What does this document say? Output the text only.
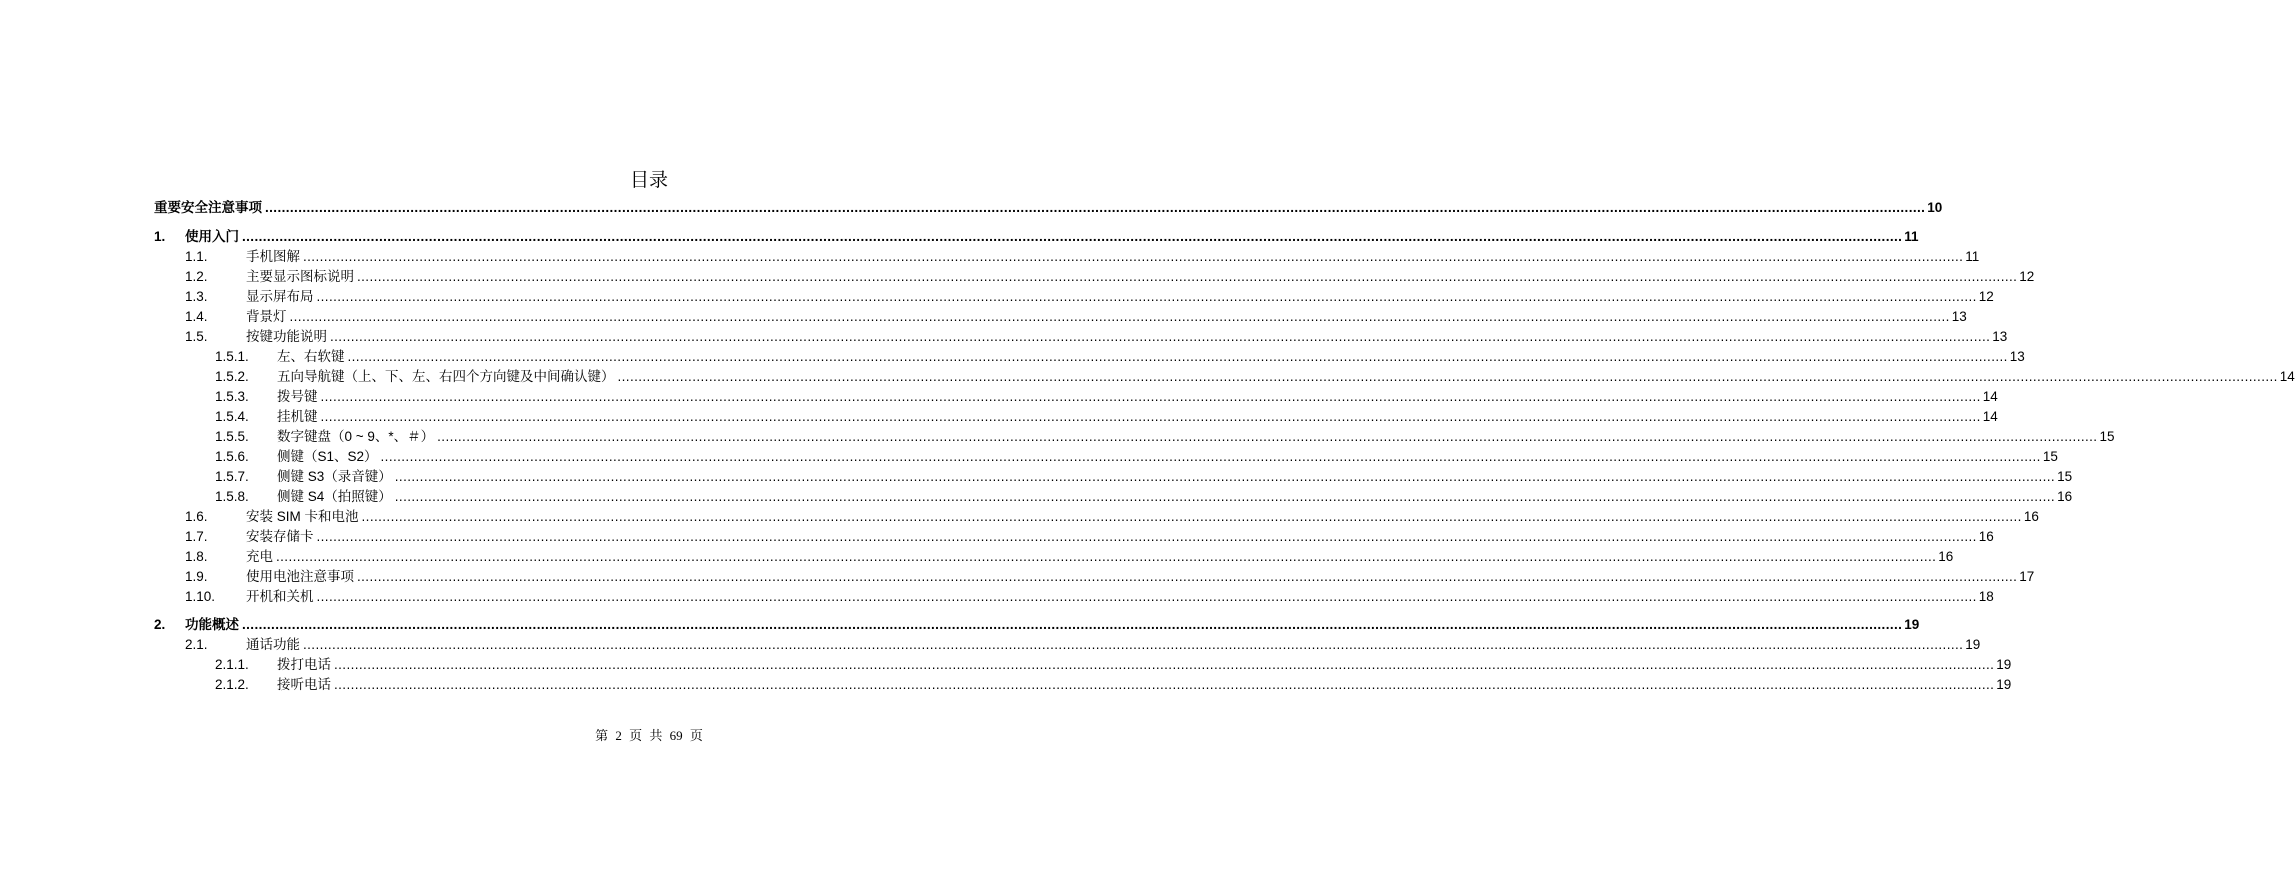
目录
重要安全注意事项 ................................................................................................................................................................................................................................................................................................................................................................................................................ 10
1. 使用入门 ................................................................................................................................................................................................................................................................................................................................................................................................................ 11
1.1.	手机图解 ................................................................................................................................................................................................................................................................................................................................................................................................................ 11
1.2.	主要显示图标说明 ................................................................................................................................................................................................................................................................................................................................................................................................................ 12
1.3.	显示屏布局 ................................................................................................................................................................................................................................................................................................................................................................................................................ 12
1.4.	背景灯 ................................................................................................................................................................................................................................................................................................................................................................................................................ 13
1.5.	按键功能说明 ................................................................................................................................................................................................................................................................................................................................................................................................................ 13
1.5.1. 左、右软键 ................................................................................................................................................................................................................................................................................................................................................................................................................ 13
1.5.2. 五向导航键（上、下、左、右四个方向键及中间确认键） ................................................................................................................................................................................................................................................................................................................................................................................................................ 14
1.5.3. 拨号键 ................................................................................................................................................................................................................................................................................................................................................................................................................ 14
1.5.4. 挂机键 ................................................................................................................................................................................................................................................................................................................................................................................................................ 14
1.5.5. 数字键盘（0 ~ 9、*、＃） ................................................................................................................................................................................................................................................................................................................................................................................................................ 15
1.5.6. 侧键（S1、S2） ................................................................................................................................................................................................................................................................................................................................................................................................................ 15
1.5.7. 侧键 S3（录音键） ................................................................................................................................................................................................................................................................................................................................................................................................................ 15
1.5.8. 侧键 S4（拍照键） ................................................................................................................................................................................................................................................................................................................................................................................................................ 16
1.6.	安装 SIM 卡和电池 ................................................................................................................................................................................................................................................................................................................................................................................................................ 16
1.7.	安装存储卡 ................................................................................................................................................................................................................................................................................................................................................................................................................ 16
1.8.	充电 ................................................................................................................................................................................................................................................................................................................................................................................................................ 16
1.9.	使用电池注意事项 ................................................................................................................................................................................................................................................................................................................................................................................................................ 17
1.10. 开机和关机 ................................................................................................................................................................................................................................................................................................................................................................................................................ 18
2. 功能概述 ................................................................................................................................................................................................................................................................................................................................................................................................................ 19
2.1.	通话功能 ................................................................................................................................................................................................................................................................................................................................................................................................................ 19
2.1.1. 拨打电话 ................................................................................................................................................................................................................................................................................................................................................................................................................ 19
2.1.2. 接听电话 ................................................................................................................................................................................................................................................................................................................................................................................................................ 19
第 2 页 共 69 页
